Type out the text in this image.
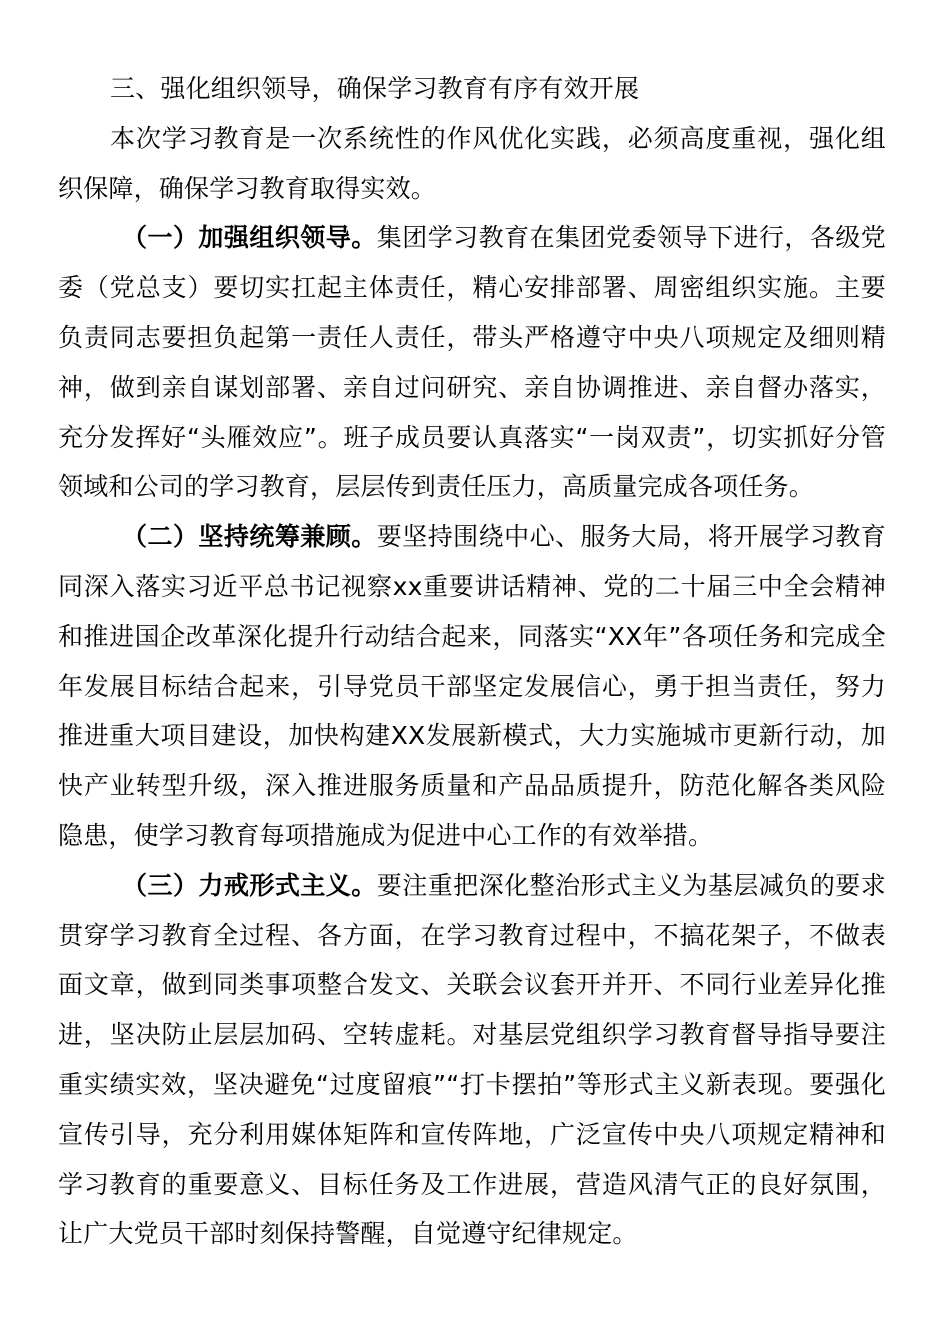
三、强化组织领导，确保学习教育有序有效开展

本次学习教育是一次系统性的作风优化实践，必须高度重视，强化组织保障，确保学习教育取得实效。

（一）加强组织领导。集团学习教育在集团党委领导下进行，各级党委（党总支）要切实扛起主体责任，精心安排部署、周密组织实施。主要负责同志要担负起第一责任人责任，带头严格遵守中央八项规定及细则精神，做到亲自谋划部署、亲自过问研究、亲自协调推进、亲自督办落实，充分发挥好“头雁效应”。班子成员要认真落实“一岗双责”，切实抓好分管领域和公司的学习教育，层层传到责任压力，高质量完成各项任务。

（二）坚持统筹兼顾。要坚持围绕中心、服务大局，将开展学习教育同深入落实习近平总书记视察xx重要讲话精神、党的二十届三中全会精神和推进国企改革深化提升行动结合起来，同落实“XX年”各项任务和完成全年发展目标结合起来，引导党员干部坚定发展信心，勇于担当责任，努力推进重大项目建设，加快构建XX发展新模式，大力实施城市更新行动，加快产业转型升级，深入推进服务质量和产品品质提升，防范化解各类风险隐患，使学习教育每项措施成为促进中心工作的有效举措。

（三）力戒形式主义。要注重把深化整治形式主义为基层减负的要求贯穿学习教育全过程、各方面，在学习教育过程中，不搞花架子，不做表面文章，做到同类事项整合发文、关联会议套开并开、不同行业差异化推进，坚决防止层层加码、空转虚耗。对基层党组织学习教育督导指导要注重实绩实效，坚决避免“过度留痕”“打卡摆拍”等形式主义新表现。要强化宣传引导，充分利用媒体矩阵和宣传阵地，广泛宣传中央八项规定精神和学习教育的重要意义、目标任务及工作进展，营造风清气正的良好氛围，让广大党员干部时刻保持警醒，自觉遵守纪律规定。
